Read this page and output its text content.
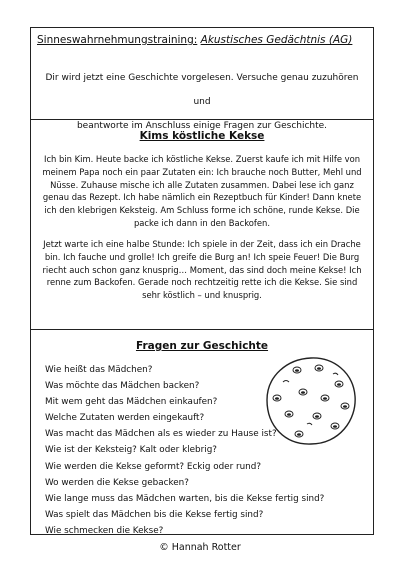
Sinneswahrnehmungstraining: Akustisches Gedächtnis (AG)
Dir wird jetzt eine Geschichte vorgelesen. Versuche genau zuzuhören und
beantworte im Anschluss einige Fragen zur Geschichte.
Kims köstliche Kekse
Ich bin Kim. Heute backe ich köstliche Kekse. Zuerst kaufe ich mit Hilfe von meinem Papa noch ein paar Zutaten ein: Ich brauche noch Butter, Mehl und Nüsse. Zuhause mische ich alle Zutaten zusammen. Dabei lese ich ganz genau das Rezept. Ich habe nämlich ein Rezeptbuch für Kinder! Dann knete ich den klebrigen Keksteig. Am Schluss forme ich schöne, runde Kekse. Die packe ich dann in den Backofen.
Jetzt warte ich eine halbe Stunde: Ich spiele in der Zeit, dass ich ein Drache bin. Ich fauche und grolle! Ich greife die Burg an! Ich speie Feuer! Die Burg riecht auch schon ganz knusprig… Moment, das sind doch meine Kekse! Ich renne zum Backofen. Gerade noch rechtzeitig rette ich die Kekse. Sie sind sehr köstlich – und knusprig.
Fragen zur Geschichte
Wie heißt das Mädchen?
Was möchte das Mädchen backen?
Mit wem geht das Mädchen einkaufen?
Welche Zutaten werden eingekauft?
Was macht das Mädchen als es wieder zu Hause ist?
Wie ist der Keksteig? Kalt oder klebrig?
Wie werden die Kekse geformt? Eckig oder rund?
Wo werden die Kekse gebacken?
Wie lange muss das Mädchen warten, bis die Kekse fertig sind?
Was spielt das Mädchen bis die Kekse fertig sind?
Wie schmecken die Kekse?
© Hannah Rotter
